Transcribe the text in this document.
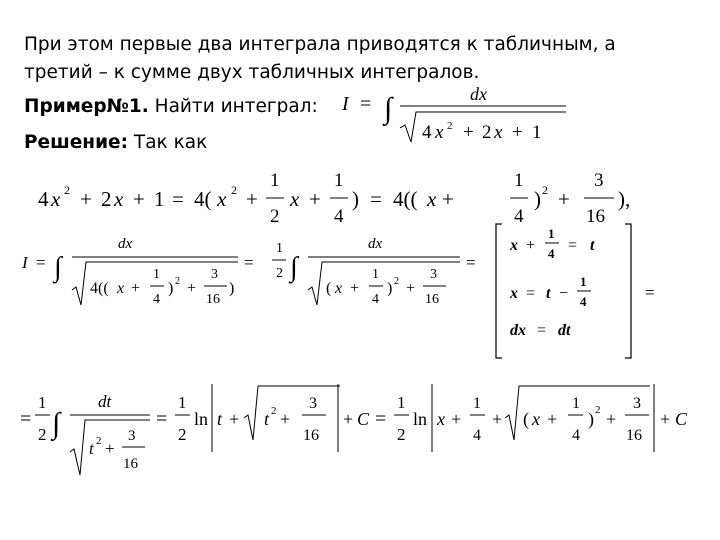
При этом первые два интеграла приводятся к табличным, а
третий – к сумме двух табличных интегралов.
Пример№1. Найти интеграл:
Решение: Так как
I = ∫	dx
4 x 2 + 2 x + 1
4 x 2 + 2 x + 1 = 4( x 2 +
1
2
x +
1
4
) = 4(( x +
1
4
) 2 +
3
16
),
I = ∫
dx
4(( x +
1
4
) 2 +
3
16
)
=
1
2 ∫
dx
( x +
1
4
) 2 +
3
16
=
x +
1
4 = t
x = t −
1
4
dx = dt
=
=
1
2 ∫
dt
t 2 +
3
16
=
1
2
ln t + t 2 +
3
16
+ C =
1
2
ln x +
1
4
+ ( x +
1
4
) 2 +
3
16
+ C
